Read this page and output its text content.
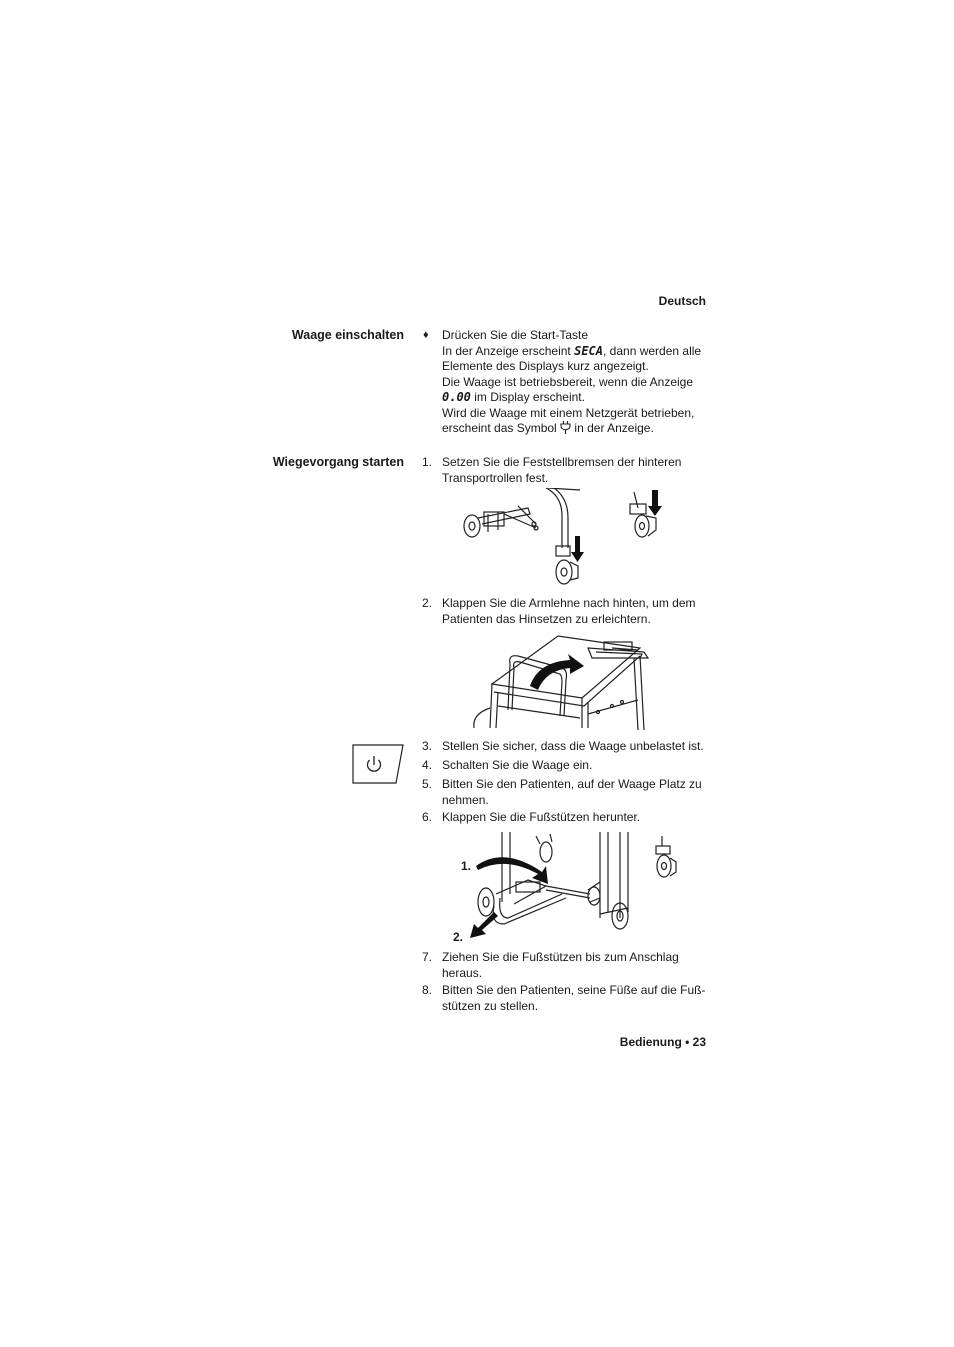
Deutsch
Waage einschalten ♦ Drücken Sie die Start-Taste
In der Anzeige erscheint SECA, dann werden alle
Elemente des Displays kurz angezeigt.
Die Waage ist betriebsbereit, wenn die Anzeige
0.00 im Display erscheint.
Wird die Waage mit einem Netzgerät betrieben,
erscheint das Symbol in der Anzeige.
Wiegevorgang starten 1. Setzen Sie die Feststellbremsen der hinteren
Transportrollen fest.
2. Klappen Sie die Armlehne nach hinten, um dem
Patienten das Hinsetzen zu erleichtern.
3. Stellen Sie sicher, dass die Waage unbelastet ist.
4. Schalten Sie die Waage ein.
5. Bitten Sie den Patienten, auf der Waage Platz zu
nehmen.
6. Klappen Sie die Fußstützen herunter.
1.
2.
7. Ziehen Sie die Fußstützen bis zum Anschlag
heraus.
8. Bitten Sie den Patienten, seine Füße auf die Fuß-
stützen zu stellen.
Bedienung • 23
